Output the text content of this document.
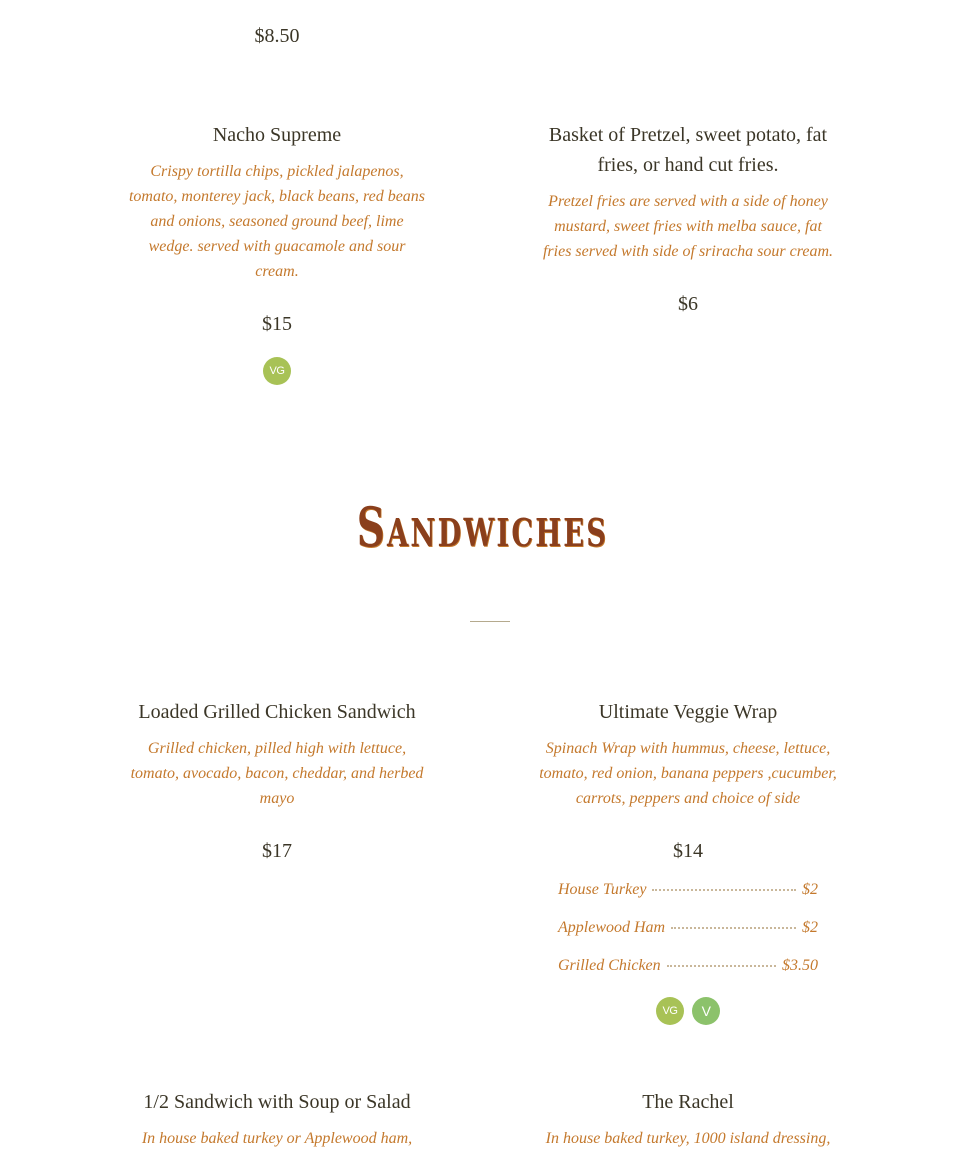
$8.50

Nacho Supreme

Crispy tortilla chips, pickled jalapenos, tomato, monterey jack, black beans, red beans and onions, seasoned ground beef, lime wedge. served with guacamole and sour cream.

$15

VG
Basket of Pretzel, sweet potato, fat fries, or hand cut fries.

Pretzel fries are served with a side of honey mustard, sweet fries with melba sauce, fat fries served with side of sriracha sour cream.

$6

Sandwiches
Loaded Grilled Chicken Sandwich

Grilled chicken, pilled high with lettuce, tomato, avocado, bacon, cheddar, and herbed mayo

$17

Ultimate Veggie Wrap

Spinach Wrap with hummus, cheese, lettuce, tomato, red onion, banana peppers ,cucumber, carrots, peppers and choice of side

$14

House Turkey	$2
Applewood Ham	$2
Grilled Chicken	$3.50
VG	V
1/2 Sandwich with Soup or Salad

In house baked turkey or Applewood ham,

The Rachel

In house baked turkey, 1000 island dressing,
